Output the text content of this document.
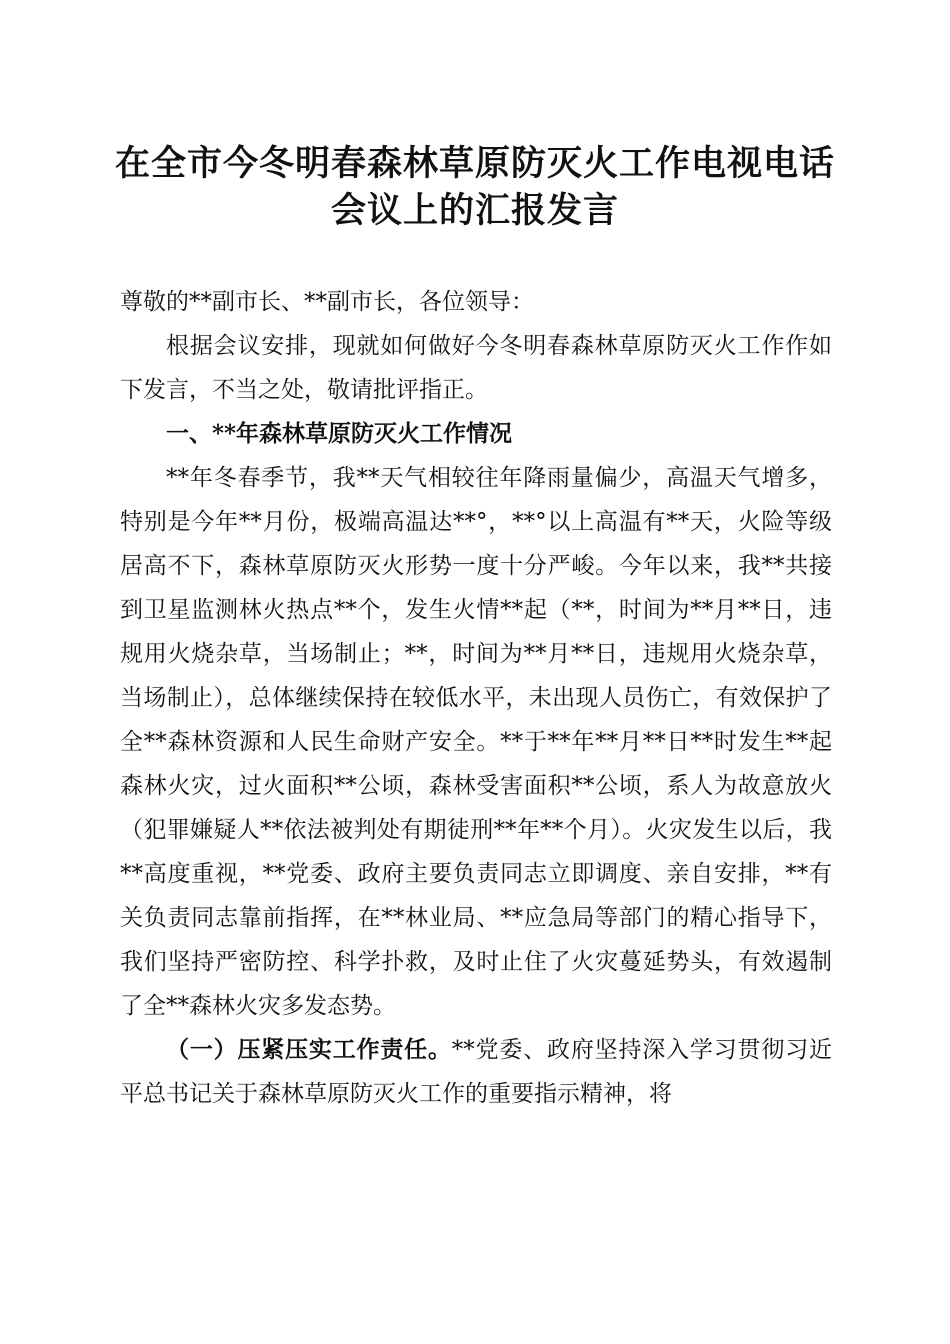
在全市今冬明春森林草原防灭火工作电视电话
会议上的汇报发言

尊敬的**副市长、**副市长，各位领导：

根据会议安排，现就如何做好今冬明春森林草原防灭火工作作如下发言，不当之处，敬请批评指正。

一、**年森林草原防灭火工作情况

**年冬春季节，我**天气相较往年降雨量偏少，高温天气增多，特别是今年**月份，极端高温达**°，**°以上高温有**天，火险等级居高不下，森林草原防灭火形势一度十分严峻。今年以来，我**共接到卫星监测林火热点**个，发生火情**起（**，时间为**月**日，违规用火烧杂草，当场制止；**，时间为**月**日，违规用火烧杂草，当场制止），总体继续保持在较低水平，未出现人员伤亡，有效保护了全**森林资源和人民生命财产安全。**于**年**月**日**时发生**起森林火灾，过火面积**公顷，森林受害面积**公顷，系人为故意放火（犯罪嫌疑人**依法被判处有期徒刑**年**个月）。火灾发生以后，我**高度重视，**党委、政府主要负责同志立即调度、亲自安排，**有关负责同志靠前指挥，在**林业局、**应急局等部门的精心指导下，我们坚持严密防控、科学扑救，及时止住了火灾蔓延势头，有效遏制了全**森林火灾多发态势。

（一）压紧压实工作责任。**党委、政府坚持深入学习贯彻习近平总书记关于森林草原防灭火工作的重要指示精神，将
